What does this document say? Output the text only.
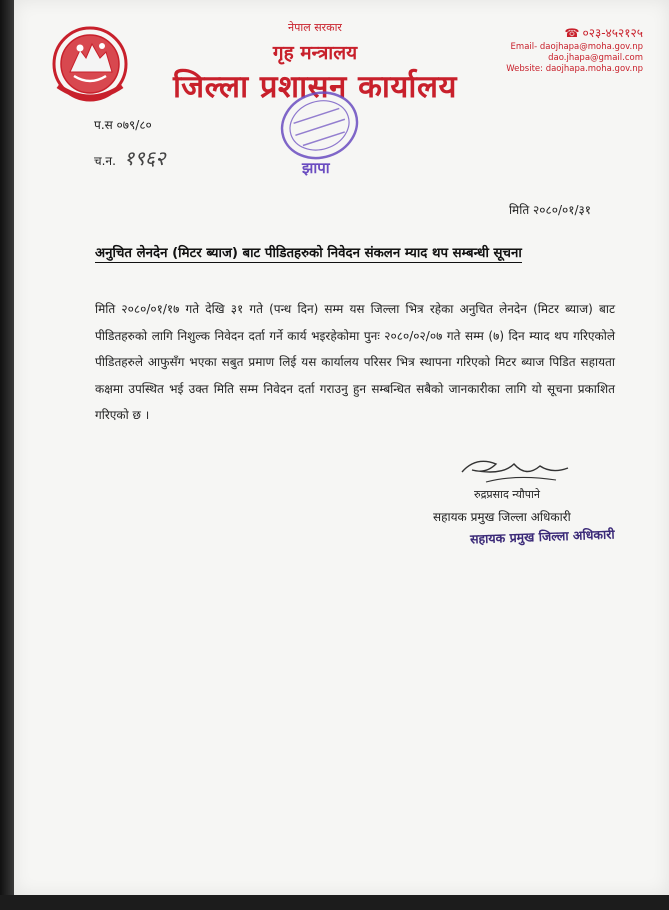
नेपाल सरकार
गृह मन्त्रालय
जिल्ला प्रशासन कार्यालय
☎ ०२३-४५२१२५
Email- daojhapa@moha.gov.np
dao.jhapa@gmail.com
Website: daojhapa.moha.gov.np
झापा
प.स ०७९/८०
च.न. १९६२
मिति २०८०/०१/३१
अनुचित लेनदेन (मिटर ब्याज) बाट पीडितहरुको निवेदन संकलन म्याद थप सम्बन्धी सूचना
मिति २०८०/०१/१७ गते देखि ३१ गते (पन्ध दिन) सम्म यस जिल्ला भित्र रहेका अनुचित लेनदेन (मिटर ब्याज) बाट पीडितहरुको लागि निशुल्क निवेदन दर्ता गर्ने कार्य भइरहेकोमा पुनः २०८०/०२/०७ गते सम्म (७) दिन म्याद थप गरिएकोले पीडितहरुले आफुसँग भएका सबुत प्रमाण लिई यस कार्यालय परिसर भित्र स्थापना गरिएको मिटर ब्याज पिडित सहायता कक्षमा उपस्थित भई उक्त मिति सम्म निवेदन दर्ता गराउनु हुन सम्बन्धित सबैको जानकारीका लागि यो सूचना प्रकाशित गरिएको छ ।
रुद्रप्रसाद न्यौपाने
सहायक प्रमुख जिल्ला अधिकारी
सहायक प्रमुख जिल्ला अधिकारी
